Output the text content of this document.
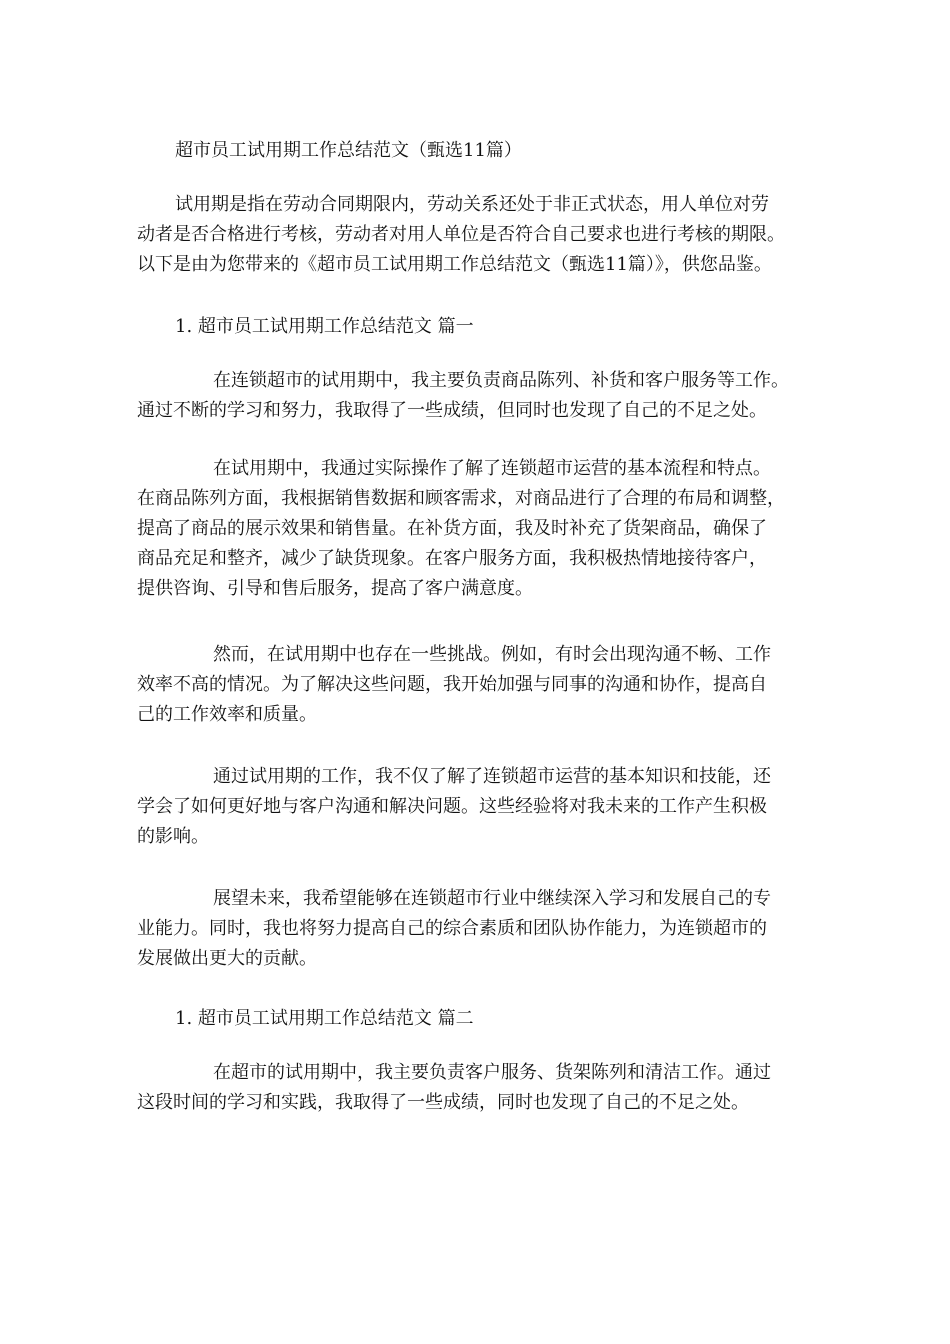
超市员工试用期工作总结范文（甄选11篇）

试用期是指在劳动合同期限内，劳动关系还处于非正式状态，用人单位对劳
动者是否合格进行考核，劳动者对用人单位是否符合自己要求也进行考核的期限。
以下是由为您带来的《超市员工试用期工作总结范文（甄选11篇）》，供您品鉴。

1. 超市员工试用期工作总结范文 篇一

在连锁超市的试用期中，我主要负责商品陈列、补货和客户服务等工作。
通过不断的学习和努力，我取得了一些成绩，但同时也发现了自己的不足之处。

在试用期中，我通过实际操作了解了连锁超市运营的基本流程和特点。
在商品陈列方面，我根据销售数据和顾客需求，对商品进行了合理的布局和调整，
提高了商品的展示效果和销售量。在补货方面，我及时补充了货架商品，确保了
商品充足和整齐，减少了缺货现象。在客户服务方面，我积极热情地接待客户，
提供咨询、引导和售后服务，提高了客户满意度。

然而，在试用期中也存在一些挑战。例如，有时会出现沟通不畅、工作
效率不高的情况。为了解决这些问题，我开始加强与同事的沟通和协作，提高自
己的工作效率和质量。

通过试用期的工作，我不仅了解了连锁超市运营的基本知识和技能，还
学会了如何更好地与客户沟通和解决问题。这些经验将对我未来的工作产生积极
的影响。

展望未来，我希望能够在连锁超市行业中继续深入学习和发展自己的专
业能力。同时，我也将努力提高自己的综合素质和团队协作能力，为连锁超市的
发展做出更大的贡献。

1. 超市员工试用期工作总结范文 篇二

在超市的试用期中，我主要负责客户服务、货架陈列和清洁工作。通过
这段时间的学习和实践，我取得了一些成绩，同时也发现了自己的不足之处。
